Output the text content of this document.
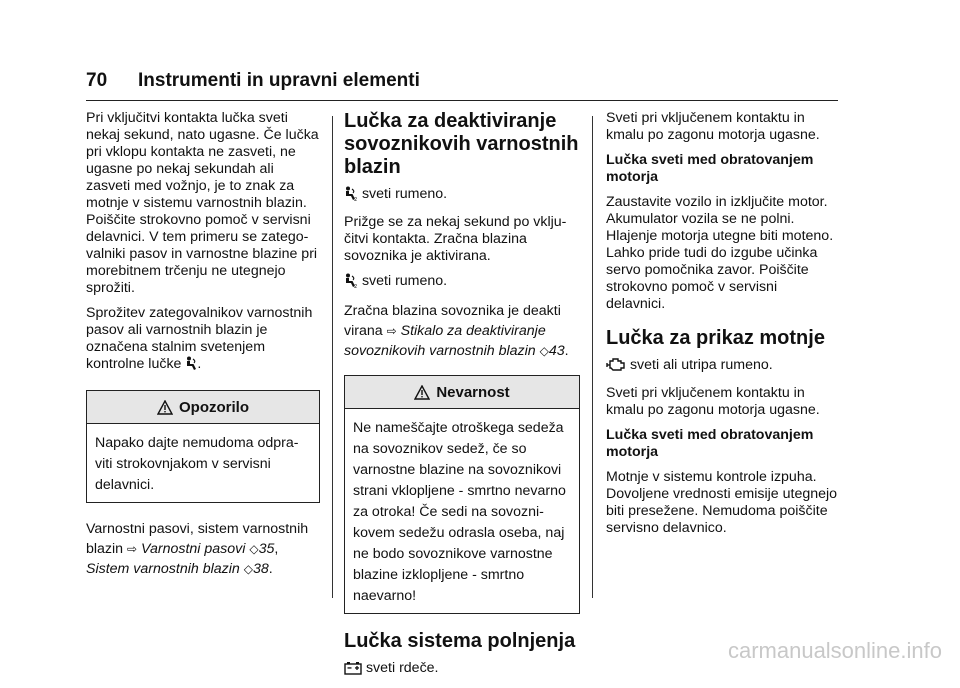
70 Instrumenti in upravni elementi

Pri vključitvi kontakta lučka sveti nekaj sekund, nato ugasne. Če lučka pri vklopu kontakta ne zasveti, ne ugasne po nekaj sekundah ali zasveti med vožnjo, je to znak za motnje v sistemu varnostnih blazin. Poiščite strokovno pomoč v servisni delavnici. V tem primeru se zategovalniki pasov in varnostne blazine pri morebitnem trčenju ne utegnejo sprožiti.

Sprožitev zategovalnikov varnostnih pasov ali varnostnih blazin je označena stalnim svetenjem
kontrolne lučke .

Opozorilo
Napako dajte nemudoma odpraviti strokovnjakom v servisni delavnici.

Varnostni pasovi, sistem varnostnih
blazin ⇨ Varnostni pasovi ◇35,
Sistem varnostnih blazin ◇38.

Lučka za deaktiviranje sovoznikovih varnostnih blazin

2 sveti rumeno.

Prižge se za nekaj sekund po vključitvi kontakta. Zračna blazina sovoznika je aktivirana.

2 sveti rumeno.

Zračna blazina sovoznika je deakti
virana ⇨ Stikalo za deaktiviranje sovoznikovih varnostnih blazin ◇43.

Nevarnost
Ne nameščajte otroškega sedeža na sovoznikov sedež, če so varnostne blazine na sovoznikovi strani vklopljene - smrtno nevarno za otroka! Če sedi na sovoznikovem sedežu odrasla oseba, naj ne bodo sovoznikove varnostne blazine izklopljene - smrtno naevarno!
Lučka sistema polnjenja

sveti rdeče.

Sveti pri vključenem kontaktu in kmalu po zagonu motorja ugasne.

Lučka sveti med obratovanjem motorja

Zaustavite vozilo in izključite motor. Akumulator vozila se ne polni. Hlajenje motorja utegne biti moteno. Lahko pride tudi do izgube učinka servo pomočnika zavor. Poiščite strokovno pomoč v servisni delavnici.

Lučka za prikaz motnje

sveti ali utripa rumeno.

Sveti pri vključenem kontaktu in kmalu po zagonu motorja ugasne.

Lučka sveti med obratovanjem motorja

Motnje v sistemu kontrole izpuha. Dovoljene vrednosti emisije utegnejo biti presežene. Nemudoma poiščite servisno delavnico.

carmanualsonline.info
